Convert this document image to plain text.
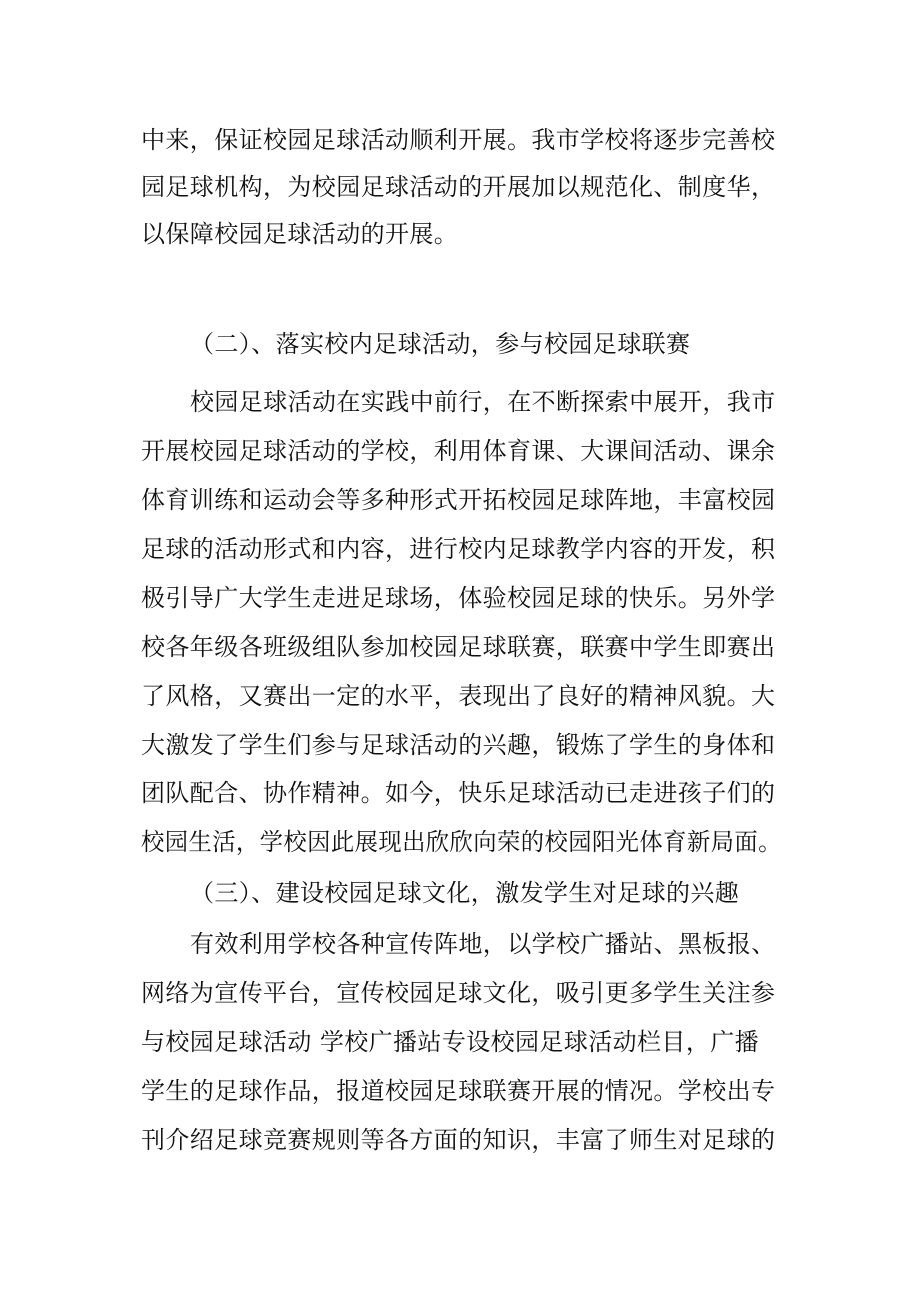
中来，保证校园足球活动顺利开展。我市学校将逐步完善校
园足球机构，为校园足球活动的开展加以规范化、制度华，
以保障校园足球活动的开展。
（二）、落实校内足球活动，参与校园足球联赛
校园足球活动在实践中前行，在不断探索中展开，我市
开展校园足球活动的学校，利用体育课、大课间活动、课余
体育训练和运动会等多种形式开拓校园足球阵地，丰富校园
足球的活动形式和内容，进行校内足球教学内容的开发，积
极引导广大学生走进足球场，体验校园足球的快乐。另外学
校各年级各班级组队参加校园足球联赛，联赛中学生即赛出
了风格，又赛出一定的水平，表现出了良好的精神风貌。大
大激发了学生们参与足球活动的兴趣，锻炼了学生的身体和
团队配合、协作精神。如今，快乐足球活动已走进孩子们的
校园生活，学校因此展现出欣欣向荣的校园阳光体育新局面。
（三）、建设校园足球文化，激发学生对足球的兴趣
有效利用学校各种宣传阵地，以学校广播站、黑板报、
网络为宣传平台，宣传校园足球文化，吸引更多学生关注参
与校园足球活动 学校广播站专设校园足球活动栏目，广播
学生的足球作品，报道校园足球联赛开展的情况。学校出专
刊介绍足球竞赛规则等各方面的知识，丰富了师生对足球的
